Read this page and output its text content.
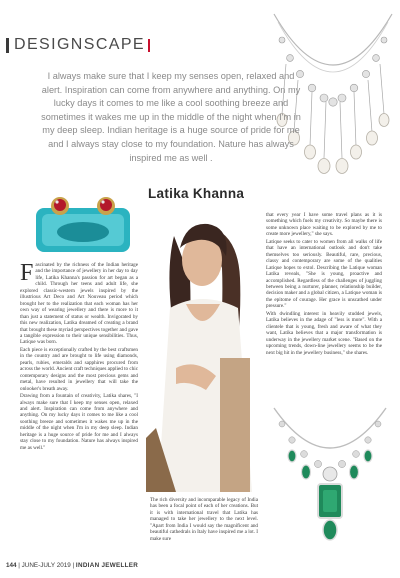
DESIGNSCAPE

I always make sure that I keep my senses open, relaxed and alert. Inspiration can come from anywhere and anything. On my lucky days it comes to me like a cool soothing breeze and sometimes it wakes me up in the middle of the night when I'm in my deep sleep. Indian heritage is a huge source of pride for me and I always stay close to my foundation. Nature has always inspired me as well .

Latika Khanna

Fascinated by the richness of the Indian heritage and the importance of jewellery in her day to day life, Latika Khanna's passion for art began as a child. Through her teens and adult life, she explored classic-western jewels inspired by the illustrious Art Deco and Art Nouveau period which brought her to the realization that each woman has her own way of wearing jewellery and there is more to it than just a statement of status or wealth. Invigorated by this new realization, Latika dreamed of creating a brand that brought these myriad perspectives together and gave a tangible expression to their unique sensibilities. Thus, Latique was born.

Each piece is exceptionally crafted by the best craftsmen in the country and are brought to life using diamonds, pearls, rubies, emeralds and sapphires procured from across the world. Ancient craft techniques applied to chic contemporary designs and the most precious gems and metal, have resulted in jewellery that will take the onlooker's breath away.

Drawing from a fountain of creativity, Latika shares, "I always make sure that I keep my senses open, relaxed and alert. Inspiration can come from anywhere and anything. On my lucky days it comes to me like a cool soothing breeze and sometimes it wakes me up in the middle of the night when I'm in my deep sleep. Indian heritage is a huge source of pride for me and I always stay close to my foundation. Nature has always inspired me as well."

The rich diversity and incomparable legacy of India has been a focal point of each of her creations. But it is with international travel that Latika has managed to take her jewellery to the next level. "Apart from India I would say the magnificent and beautiful cathedrals in Italy have inspired me a lot. I make sure

that every year I have some travel plans as it is something which fuels my creativity. So maybe there is some unknown place waiting to be explored by me to create more jewellery," she says.

Latique seeks to cater to women from all walks of life that have an international outlook and don't take themselves too seriously. Beautiful, rare, precious, classy and contemporary are some of the qualities Latique hopes to extol. Describing the Latique woman Latika reveals, "She is young, proactive and accomplished. Regardless of the challenges of juggling between being a nurturer, planner, relationship builder, decision maker and a global citizen, a Latique woman is the epitome of courage. Her grace is unscathed under pressure."

With dwindling interest in heavily studded jewels, Latika believes in the adage of "less is more". With a clientele that is young, fresh and aware of what they want, Latika believes that a major transformation is underway in the jewellery market scene. "Based on the upcoming trends, down-line jewellery seems to be the next big hit in the jewellery business," she shares.

144 | JUNE-JULY 2019 | INDIAN JEWELLER
